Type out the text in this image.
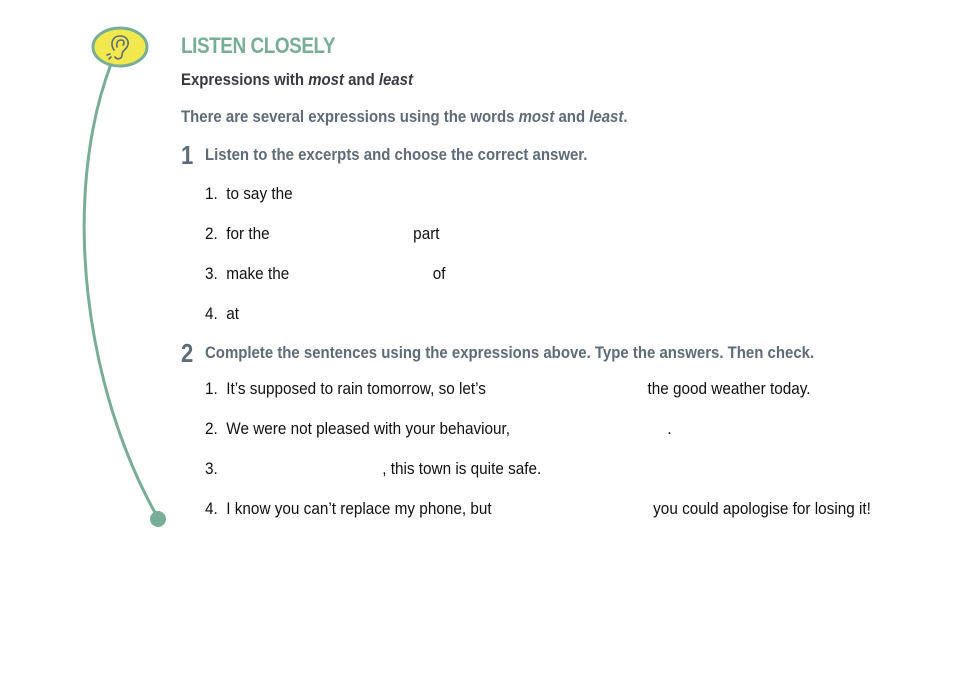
LISTEN CLOSELY
Expressions with most and least
There are several expressions using the words most and least.
1 Listen to the excerpts and choose the correct answer.
1. to say the
2. for the	part
3. make the	of
4. at
2 Complete the sentences using the expressions above. Type the answers. Then check.
1. It’s supposed to rain tomorrow, so let’s	the good weather today.
2. We were not pleased with your behaviour,	.
3.	, this town is quite safe.
4. I know you can’t replace my phone, but	you could apologise for losing it!
